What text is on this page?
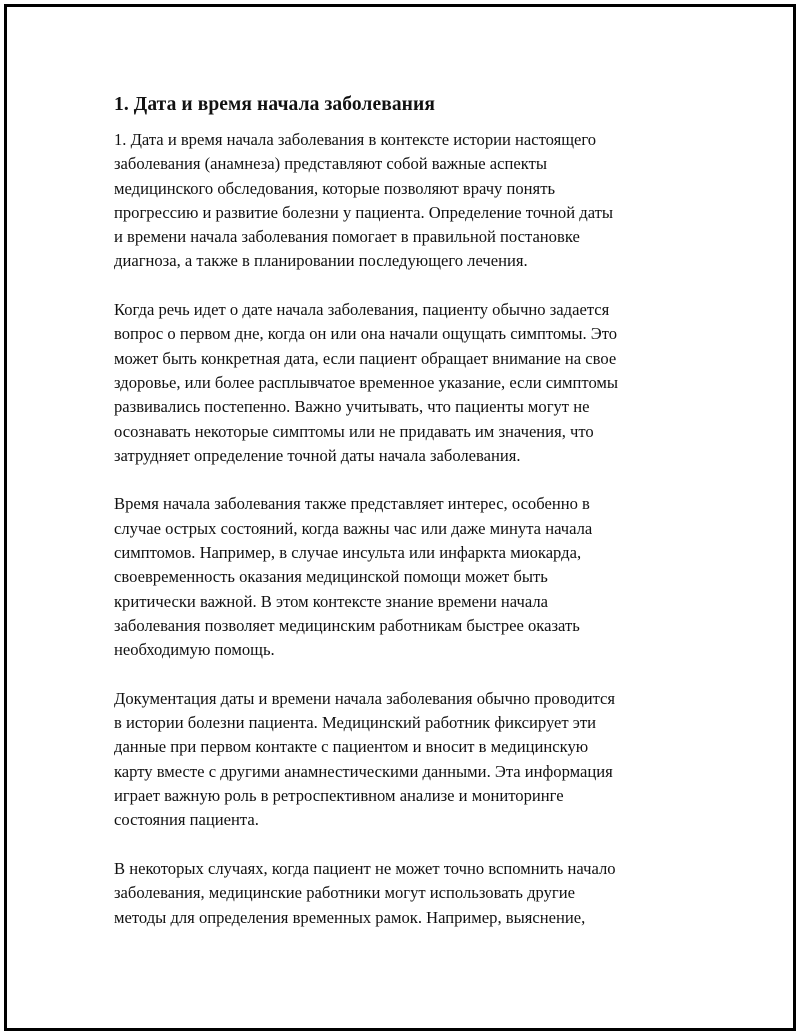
1. Дата и время начала заболевания

1. Дата и время начала заболевания в контексте истории настоящего
заболевания (анамнеза) представляют собой важные аспекты
медицинского обследования, которые позволяют врачу понять
прогрессию и развитие болезни у пациента. Определение точной даты
и времени начала заболевания помогает в правильной постановке
диагноза, а также в планировании последующего лечения.

Когда речь идет о дате начала заболевания, пациенту обычно задается
вопрос о первом дне, когда он или она начали ощущать симптомы. Это
может быть конкретная дата, если пациент обращает внимание на свое
здоровье, или более расплывчатое временное указание, если симптомы
развивались постепенно. Важно учитывать, что пациенты могут не
осознавать некоторые симптомы или не придавать им значения, что
затрудняет определение точной даты начала заболевания.

Время начала заболевания также представляет интерес, особенно в
случае острых состояний, когда важны час или даже минута начала
симптомов. Например, в случае инсульта или инфаркта миокарда,
своевременность оказания медицинской помощи может быть
критически важной. В этом контексте знание времени начала
заболевания позволяет медицинским работникам быстрее оказать
необходимую помощь.

Документация даты и времени начала заболевания обычно проводится
в истории болезни пациента. Медицинский работник фиксирует эти
данные при первом контакте с пациентом и вносит в медицинскую
карту вместе с другими анамнестическими данными. Эта информация
играет важную роль в ретроспективном анализе и мониторинге
состояния пациента.

В некоторых случаях, когда пациент не может точно вспомнить начало
заболевания, медицинские работники могут использовать другие
методы для определения временных рамок. Например, выяснение,
